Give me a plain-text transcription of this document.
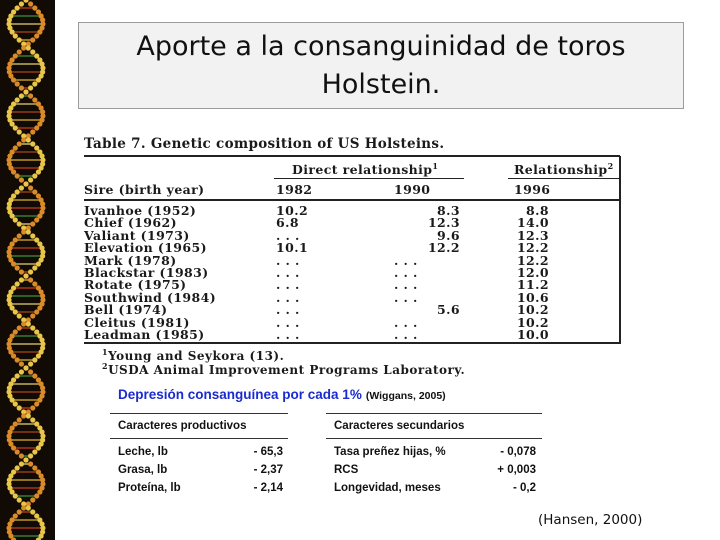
Aporte a la consanguinidad de toros
Holstein.
Table 7. Genetic composition of US Holsteins.
Direct relationship$^1$	Relationship$^2$
Sire (birth year)	1982	1990	1996
Ivanhoe (1952)	10.2	8.3	8.8
Chief (1962)	6.8	12.3	14.0
Valiant (1973)	. . .	9.6	12.3
Elevation (1965)	10.1	12.2	12.2
Mark (1978)	. . .	. . .	12.2
Blackstar (1983)	. . .	. . .	12.0
Rotate (1975)	. . .	. . .	11.2
Southwind (1984)	. . .	. . .	10.6
Bell (1974)	. . .	5.6	10.2
Cleitus (1981)	. . .	. . .	10.2
Leadman (1985)	. . .	. . .	10.0
$^1$Young and Seykora (13).
$^2$USDA Animal Improvement Programs Laboratory.
Depresión consanguínea por cada 1% (Wiggans, 2005)
Caracteres productivos	Caracteres secundarios
Leche, lb	- 65,3
Grasa, lb	- 2,37
Proteína, lb	- 2,14
Tasa preñez hijas, %	- 0,078
RCS	+ 0,003
Longevidad, meses	- 0,2
(Hansen, 2000)
